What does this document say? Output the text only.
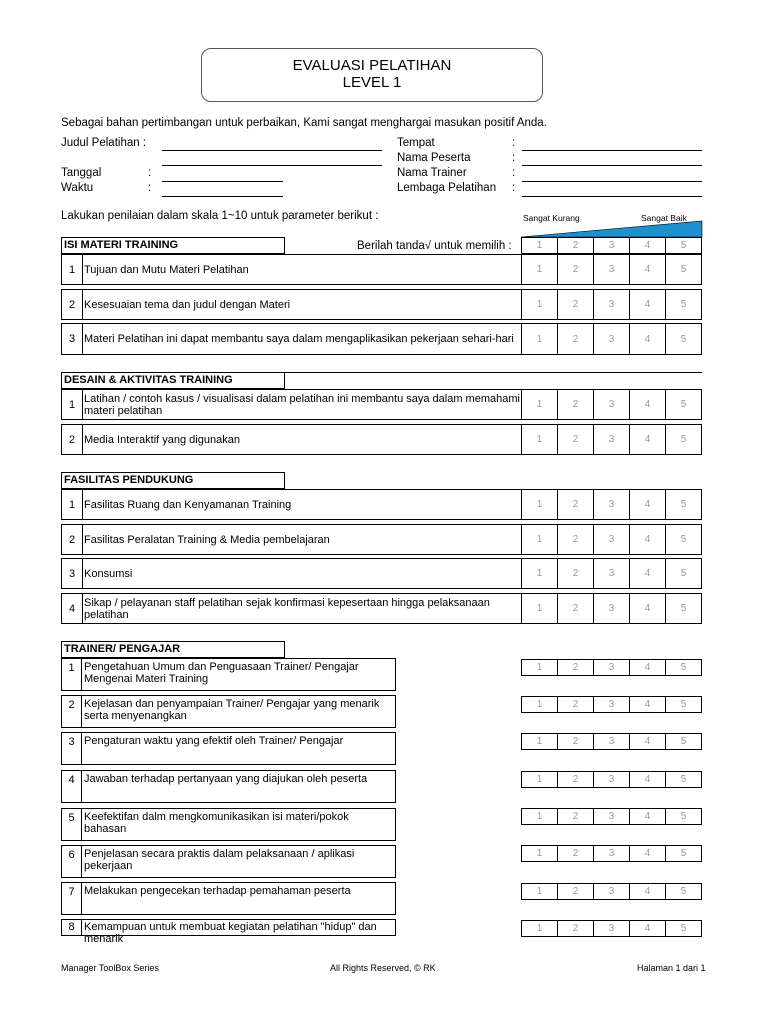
EVALUASI PELATIHAN
LEVEL 1
Sebagai bahan pertimbangan untuk perbaikan, Kami sangat menghargai masukan positif Anda.
Judul Pelatihan :
Tanggal	:
Waktu	:
Tempat	:
Nama Peserta	:
Nama Trainer	:
Lembaga Pelatihan :
Lakukan penilaian dalam skala 1~10 untuk parameter berikut :	Sangat Kurang	Sangat Baik
ISI MATERI TRAINING	Berilah tanda√ untuk memilih :	1	2	3	4	5
1 Tujuan dan Mutu Materi Pelatihan	1	2	3	4	5
2 Kesesuaian tema dan judul dengan Materi	1	2	3	4	5
3 Materi Pelatihan ini dapat membantu saya dalam mengaplikasikan pekerjaan sehari-hari	1	2	3	4	5
DESAIN & AKTIVITAS TRAINING
1 Latihan / contoh kasus / visualisasi dalam pelatihan ini membantu saya dalam memahami materi pelatihan	1	2	3	4	5
2 Media Interaktif yang digunakan	1	2	3	4	5
FASILITAS PENDUKUNG
1 Fasilitas Ruang dan Kenyamanan Training	1	2	3	4	5
2 Fasilitas Peralatan Training & Media pembelajaran	1	2	3	4	5
3 Konsumsi	1	2	3	4	5
4 Sikap / pelayanan staff pelatihan sejak konfirmasi kepesertaan hingga pelaksanaan pelatihan	1	2	3	4	5
TRAINER/ PENGAJAR
1 Pengetahuan Umum dan Penguasaan Trainer/ Pengajar Mengenai Materi Training
1	2	3	4	5
2 Kejelasan dan penyampaian Trainer/ Pengajar yang menarik serta menyenangkan
1	2	3	4	5
3 Pengaturan waktu yang efektif oleh Trainer/ Pengajar	1	2	3	4	5
4 Jawaban terhadap pertanyaan yang diajukan oleh peserta	1	2	3	4	5
5 Keefektifan dalm mengkomunikasikan isi materi/pokok bahasan
1	2	3	4	5
6 Penjelasan secara praktis dalam pelaksanaan / aplikasi pekerjaan
1	2	3	4	5
7 Melakukan pengecekan terhadap pemahaman peserta	1	2	3	4	5
8 Kemampuan untuk membuat kegiatan pelatihan "hidup" dan menarik
1	2	3	4	5
Manager ToolBox Series	All Rights Reserved, © RK	Halaman 1 dari 1
